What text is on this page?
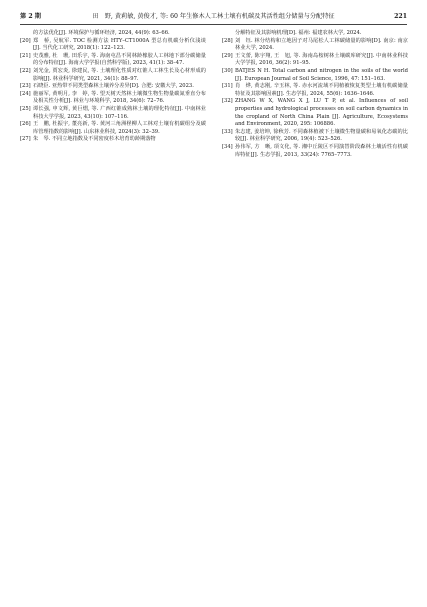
第 2 期	田　野, 黄莉敏, 黄俊才, 等: 60 年生修木人工林土壤有机碳及其活性组分储量与分配特征	221
的方法优化[J]. 环境保护与循环经济, 2024, 44(9): 63–66.
[20] 郑　桥, 吴航军. TOC 检测方法 HTY–CT1000A 型总有机碳分析仪浅谈[J]. 当代化工研究, 2018(1): 122–123.
[21] 史茂雅, 杜　珊, 田乐宇, 等. 海南屯昌不同林龄橡胶人工林地下部分碳储量的分布特征[J]. 海南大学学报(自然科学版), 2023, 41(1): 38–47.
[22] 刘光金, 贾宏炎, 徐建民, 等. 土壤理化性质对红锥人工林生长及心材形成的影响[J]. 林业科学研究, 2021, 34(1): 88–97.
[23] 石晓臣. 亚热带不同类型森林土壤养分差异[D]. 合肥: 安徽大学, 2023.
[24] 施丽军, 黄明月, 李　婷, 等. 望天树天然林土壤微生物生物量碳氮垂直分布及相关性分析[J]. 林业与环境科学, 2018, 34(6): 72–76.
[25] 谭长强, 申文辉, 黄巨熠, 等. 广西红锥成熟林土壤的理化特征[J]. 中南林业科技大学学报, 2023, 43(10): 107–116.
[26] 王　鹏, 杜振宇, 董亮新, 等. 黄河三角洲柽柳人工林对土壤有机碳组分及碳库管理指数的影响[J]. 山东林业科技, 2024(3): 32–39.
[27] 朱　琴. 不同立地指数及不同密度杉木培育幼龄期落物
分解特征及其影响机理[D]. 福州: 福建农林大学, 2024.
[28] 刘　钰. 林分结构和立地因子对马尾松人工林碳储量的影响[D]. 南京: 南京林业大学, 2024.
[29] 王文蕾, 陈宇翔, 王　旭, 等. 海南岛桉树林土壤碳库研究[J]. 中南林业科技大学学报, 2016, 36(2): 91–95.
[30] BATJES N H. Total carbon and nitrogen in the soils of the world [J]. European Journal of Soil Science, 1996, 47: 151–163.
[31] 肖　烨, 黄志刚, 辛玉林, 等. 赤水河流域不同植被恢复类型土壤有机碳储量特征及其影响因素[J]. 生态学报, 2024, 55(6): 1636–1646.
[32] ZHANG W X, WANG X J, LU T P, et al. Influences of soil properties and hydrological processes on soil carbon dynamics in the cropland of North China Plain [J]. Agriculture, Ecosystems and Environment, 2020, 295: 106886.
[33] 朱志建, 姜培坤, 徐秋芳. 不同森林植被下土壤微生物量碳和易氧化态碳的比较[J]. 林业科学研究, 2006, 19(4): 523–526.
[34] 孙伟军, 方　晰, 项文化, 等. 湘中丘陵区不同演替阶段森林土壤活性有机碳库特征[J]. 生态学报, 2013, 33(24): 7765–7773.
